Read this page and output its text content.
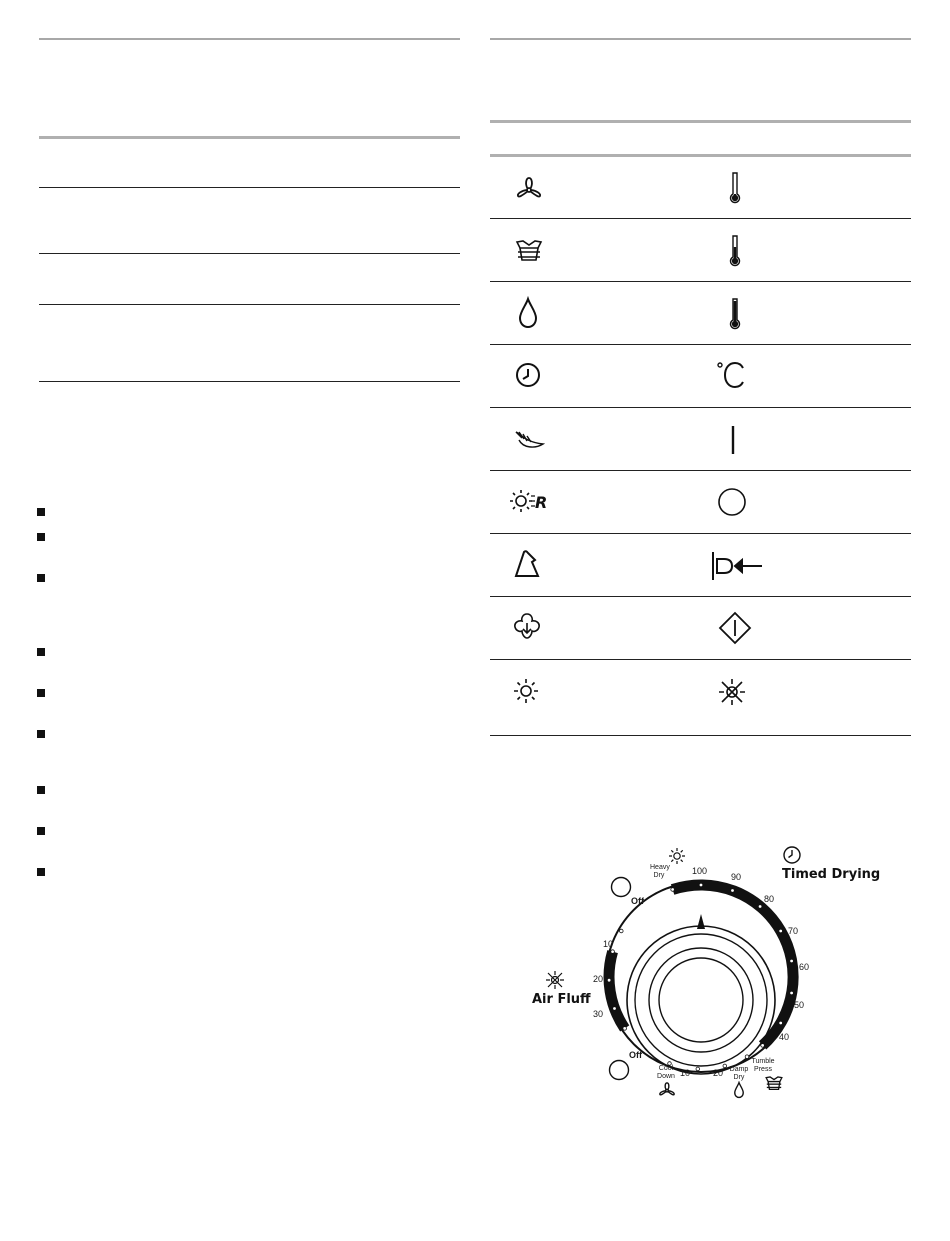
R
Heavy
Dry	Timed Drying
Air Fluff
Off
Off
100
90
80
70
60
50
40
10
20
30
Cool
Down 10	20 Damp
Dry
Tumble
Press
